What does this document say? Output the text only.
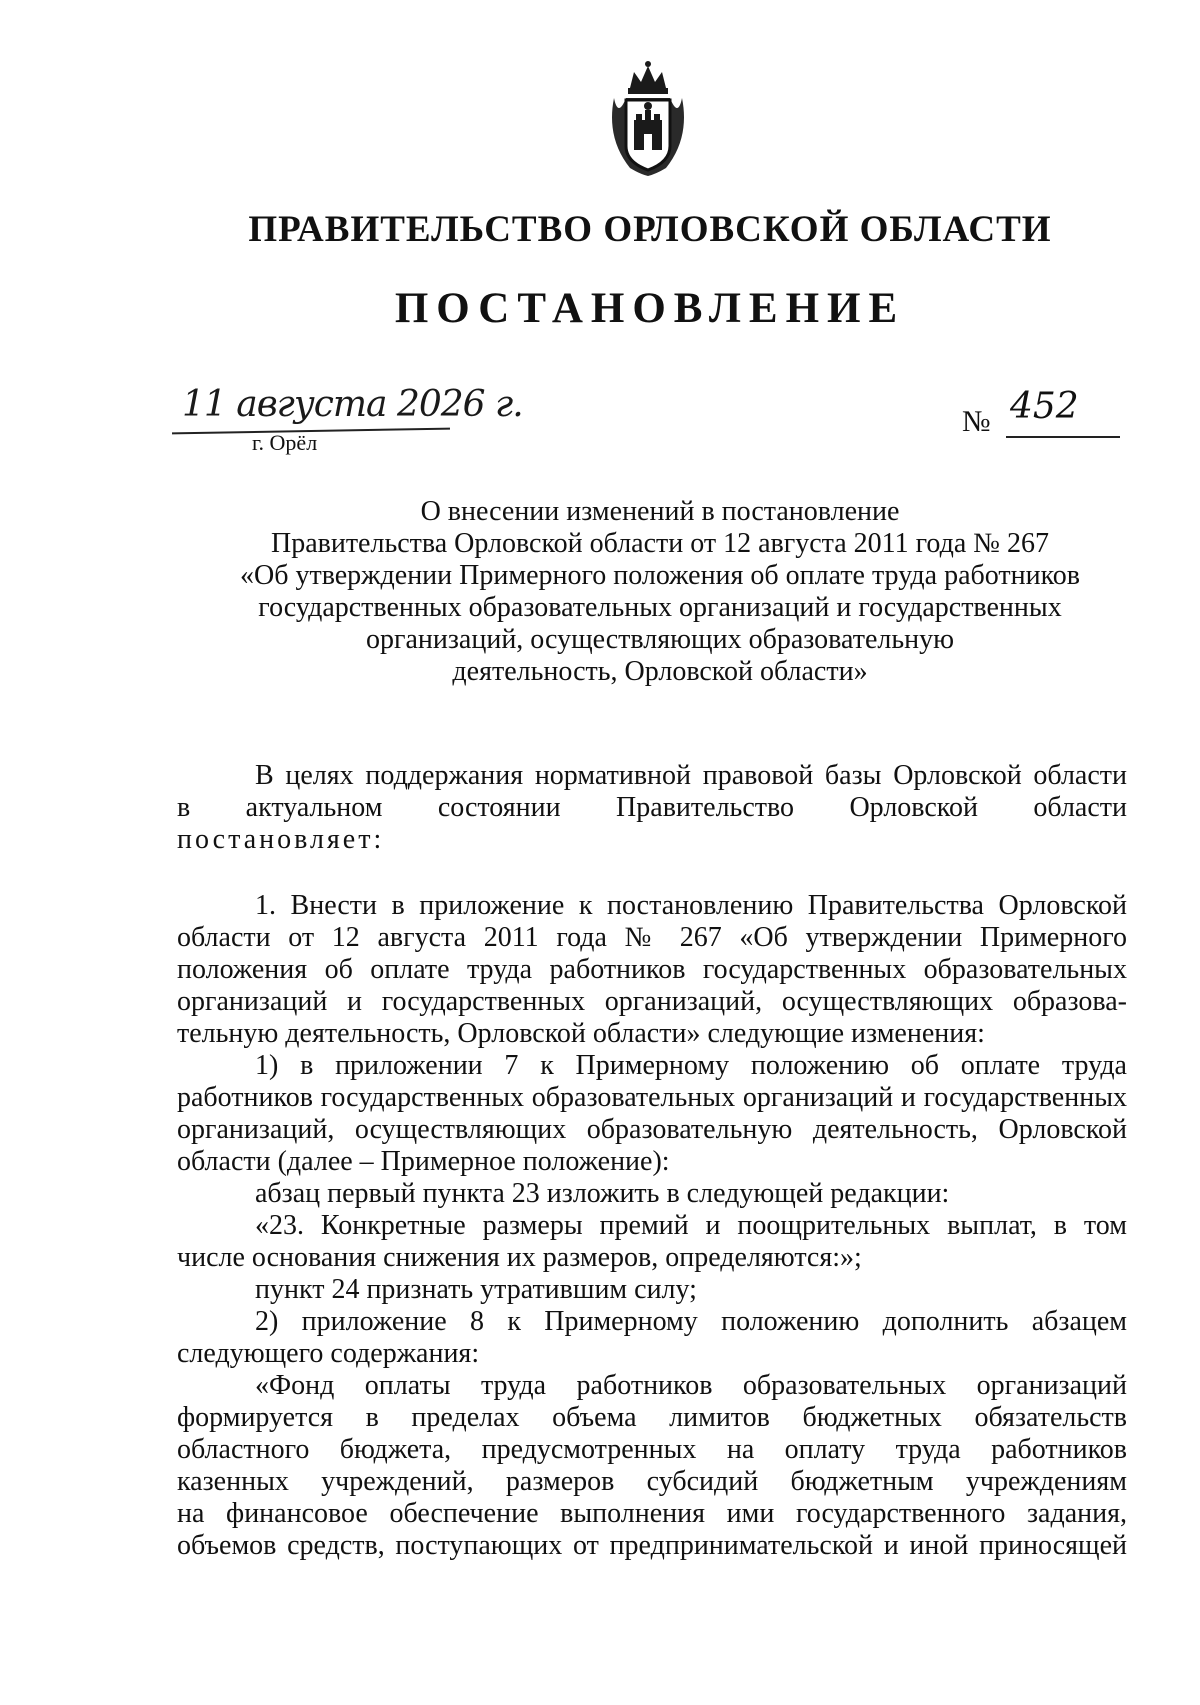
ПРАВИТЕЛЬСТВО ОРЛОВСКОЙ ОБЛАСТИ
ПОСТАНОВЛЕНИЕ
11 августа 2026 г.
г. Орёл
№ 452
О внесении изменений в постановление
Правительства Орловской области от 12 августа 2011 года № 267
«Об утверждении Примерного положения об оплате труда работников
государственных образовательных организаций и государственных
организаций, осуществляющих образовательную
деятельность, Орловской области»
В целях поддержания нормативной правовой базы Орловской области
в актуальном состоянии Правительство Орловской области
постановляет:
1. Внести в приложение к постановлению Правительства Орловской
области от 12 августа 2011 года № 267 «Об утверждении Примерного
положения об оплате труда работников государственных образовательных
организаций и государственных организаций, осуществляющих образова-
тельную деятельность, Орловской области» следующие изменения:
1) в приложении 7 к Примерному положению об оплате труда
работников государственных образовательных организаций и государственных
организаций, осуществляющих образовательную деятельность, Орловской
области (далее – Примерное положение):
абзац первый пункта 23 изложить в следующей редакции:
«23. Конкретные размеры премий и поощрительных выплат, в том
числе основания снижения их размеров, определяются:»;
пункт 24 признать утратившим силу;
2) приложение 8 к Примерному положению дополнить абзацем
следующего содержания:
«Фонд оплаты труда работников образовательных организаций
формируется в пределах объема лимитов бюджетных обязательств
областного бюджета, предусмотренных на оплату труда работников
казенных учреждений, размеров субсидий бюджетным учреждениям
на финансовое обеспечение выполнения ими государственного задания,
объемов средств, поступающих от предпринимательской и иной приносящей
